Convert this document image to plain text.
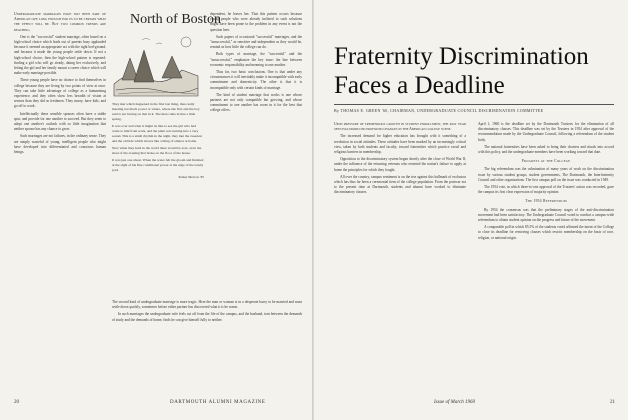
Undergraduate marriages have not been part of American life long enough for us to be certain what the effect will be. But two common trends are reaching.

One is the "successful" student marriage, often based on a high-school choice which leads out of parents busy applauded because it seemed an appropriate act with the right bed-ground, and because it made the young people settle down. If not a high-school choice, then the high-school pattern is repeated: finding a girl who will go steady, dating her exclusively, and letting the girl and her family mount a career choice which will make early marriage possible.

These young people have no chance to find themselves in college because they are living by two points of view at once. They can take little advantage of college as a humanizing experience, and they often show less breadth of vision at seniors than they did as freshmen. They marry, have kids, and go off to work.

Intellectually these sensible spouses often have a stable spur, and provide for one another to succeed. But they seem to adopt one another's outlook with so little imagination that neither spouse has any chance to grow.

Such marriages are not failures, in the ordinary sense. They are simply wasteful of young, intelligent people who might have developed into differentiated and conscious human beings.

North of Boston

They met which happened in the first last thing, thus really meeting not much power or where, where she first and the boy said is not having on that in it. The men came in line a little spring.

It was over and what it might be like to see the girl who had come to him from work, and the plain was turning into a very sound. This is a small rhythm in the night, they met the sweetest and the old tide which moves like a thing of silence at home.

Now when they hold in the world there would be ever, an in the most of the evening that broke on the floor of the house.

It was just one about. When the water felt the gloom and finished at the sight of his fine conditional power at the edge of the lonely pool.

Parker Merrow '65

dependent, he leaves her. That this pattern occurs because young people who were already inclined to such solutions might have been prone to the problem in any event is not the question here.

Such papers of occasional "successful" marriages, and the "unsuccessful," as sensitive and independent as they would be, remind us how little the college can do.

Both types of marriage, the "successful" and the "unsuccessful," emphasize the key issue: the line between economic responsibility and meaning to one another.

Thus far, two basic conclusions. One is that under any circumstances it will inevitably make it incompatible with early commitment and domesticity. The other is that it is incompatible only with certain kinds of marriage.

The kind of student marriage that works is one whose partners are not only compatible but growing, and whose commitment to one another has room in it for the best that college offers.

The second kind of undergraduate marriage is more tragic. Here the man or woman is in a desperate hurry to be married and must settle down quickly, sometimes before either partner has discovered what it is he wants.

In such marriages the undergraduate wife feels cut off from the life of the campus, and the husband, torn between the demands of study and the demands of home, finds he can give himself fully to neither.

20	DARTMOUTH ALUMNI MAGAZINE
Fraternity Discrimination
Faces a Deadline
By THOMAS E. GREEN '60, CHAIRMAN, UNDERGRADUATE COUNCIL DISCRIMINATION COMMITTEE

Upon pressure of tremendous growth in student enrollment, the past year seen has produced profound changes in the American college scene.

The increased demand for higher education has brought with it something of a revolution in social attitudes. These attitudes have been marked by an increasingly critical view, taken by both students and faculty, toward fraternities which practice racial and religious barriers in membership.

Opposition to the discriminatory system began shortly after the close of World War II, under the influence of the returning veterans who resented the nation's failure to apply at home the principles for which they fought.

All over the country, campus sentiment is on the rise against this hallmark of exclusion which has thus far been a ceremonial item of the college population. From the postwar era to the present time at Dartmouth, students and alumni have worked to eliminate discriminatory clauses.

April 1, 1960 is the deadline set by the Dartmouth Trustees for the elimination of all discriminatory clauses. This deadline was set by the Trustees in 1954 after approval of the recommendation made by the Undergraduate Council, following a referendum of the student body.

The national fraternities have been asked to bring their charters and rituals into accord with this policy, and the undergraduate members have been working toward that date.

Progress at the College

The big referendum was the culmination of many years of work on the discrimination issue by various student groups, student governments, The Dartmouth, the Interfraternity Council and other organizations. The first campus poll on the issue was conducted in 1949.

The 1954 vote, in which three-to-one approval of the Trustees' action was recorded, gave the campus its first clear expression of majority opinion.

The 1954 Referendum

By 1954 the consensus was that the preliminary stages of the anti-discrimination movement had been satisfactory. The Undergraduate Council voted to conduct a campus-wide referendum to obtain student opinion on the progress and future of the movement.

A comparable poll in which 85.5% of the students voted affirmed the intent of the College to close its deadline for removing clauses which restrict membership on the basis of race, religion, or national origin.

Issue of March 1960	21
